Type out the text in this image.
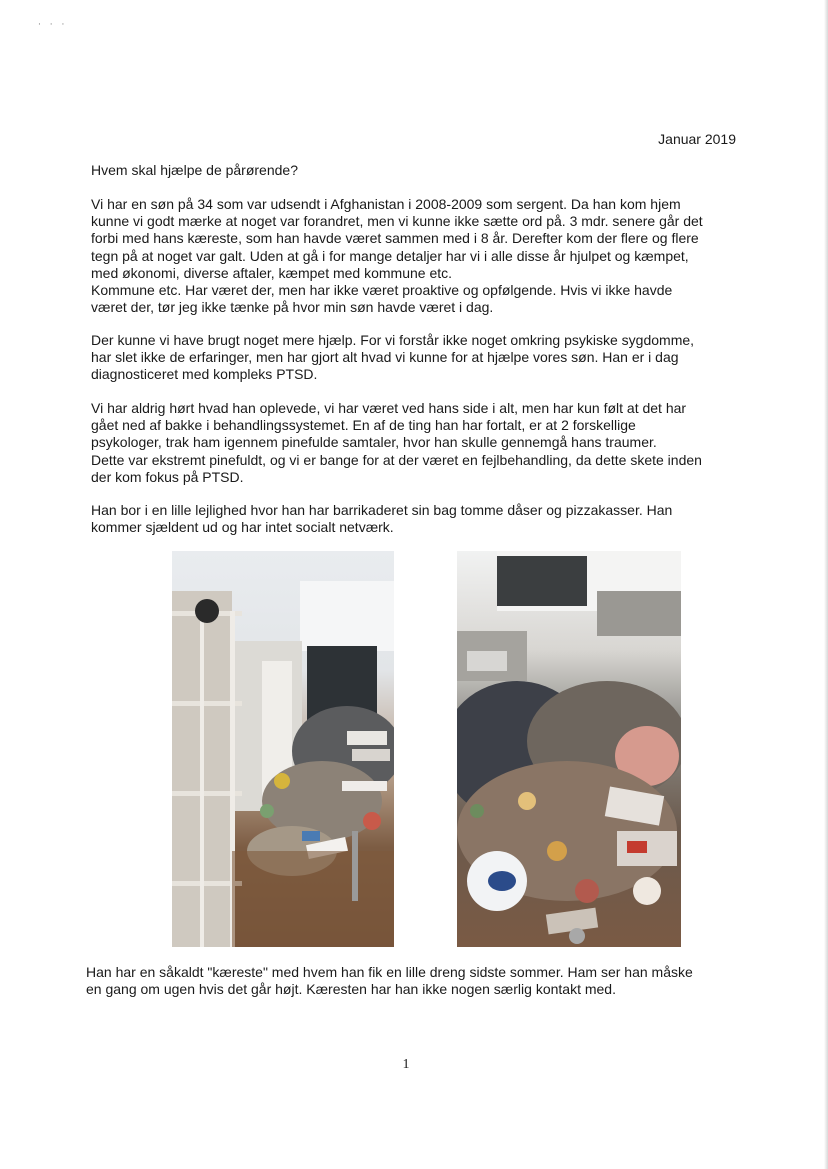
· · ·
Januar 2019
Hvem skal hjælpe de pårørende?
Vi har en søn på 34 som var udsendt i Afghanistan i 2008-2009 som sergent. Da han kom hjem
kunne vi godt mærke at noget var forandret, men vi kunne ikke sætte ord på. 3 mdr. senere går det
forbi med hans kæreste, som han havde været sammen med i 8 år. Derefter kom der flere og flere
tegn på at noget var galt. Uden at gå i for mange detaljer har vi i alle disse år hjulpet og kæmpet,
med økonomi, diverse aftaler, kæmpet med kommune etc.
Kommune etc. Har været der, men har ikke været proaktive og opfølgende. Hvis vi ikke havde
været der, tør jeg ikke tænke på hvor min søn havde været i dag.
Der kunne vi have brugt noget mere hjælp. For vi forstår ikke noget omkring psykiske sygdomme,
har slet ikke de erfaringer, men har gjort alt hvad vi kunne for at hjælpe vores søn. Han er i dag
diagnosticeret med kompleks PTSD.
Vi har aldrig hørt hvad han oplevede, vi har været ved hans side i alt, men har kun følt at det har
gået ned af bakke i behandlingssystemet. En af de ting han har fortalt, er at 2 forskellige
psykologer, trak ham igennem pinefulde samtaler, hvor han skulle gennemgå hans traumer.
Dette var ekstremt pinefuldt, og vi er bange for at der været en fejlbehandling, da dette skete inden
der kom fokus på PTSD.
Han bor i en lille lejlighed hvor han har barrikaderet sin bag tomme dåser og pizzakasser. Han
kommer sjældent ud og har intet socialt netværk.
Han har en såkaldt "kæreste" med hvem han fik en lille dreng sidste sommer. Ham ser han måske
en gang om ugen hvis det går højt. Kæresten har han ikke nogen særlig kontakt med.
1
